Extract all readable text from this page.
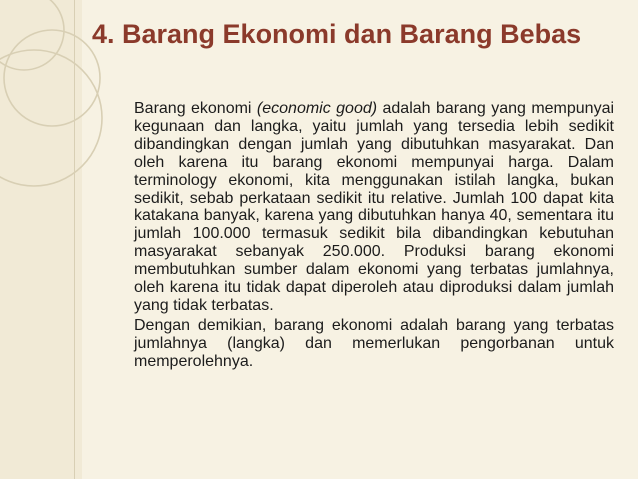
4. Barang Ekonomi dan Barang Bebas

Barang ekonomi (economic good) adalah barang yang mempunyai kegunaan dan langka, yaitu jumlah yang tersedia lebih sedikit dibandingkan dengan jumlah yang dibutuhkan masyarakat. Dan oleh karena itu barang ekonomi mempunyai harga. Dalam terminology ekonomi, kita menggunakan istilah langka, bukan sedikit, sebab perkataan sedikit itu relative. Jumlah 100 dapat kita katakana banyak, karena yang dibutuhkan hanya 40, sementara itu jumlah 100.000 termasuk sedikit bila dibandingkan kebutuhan masyarakat sebanyak 250.000. Produksi barang ekonomi membutuhkan sumber dalam ekonomi yang terbatas jumlahnya, oleh karena itu tidak dapat diperoleh atau diproduksi dalam jumlah yang tidak terbatas.

Dengan demikian, barang ekonomi adalah barang yang terbatas jumlahnya (langka) dan memerlukan pengorbanan untuk memperolehnya.
